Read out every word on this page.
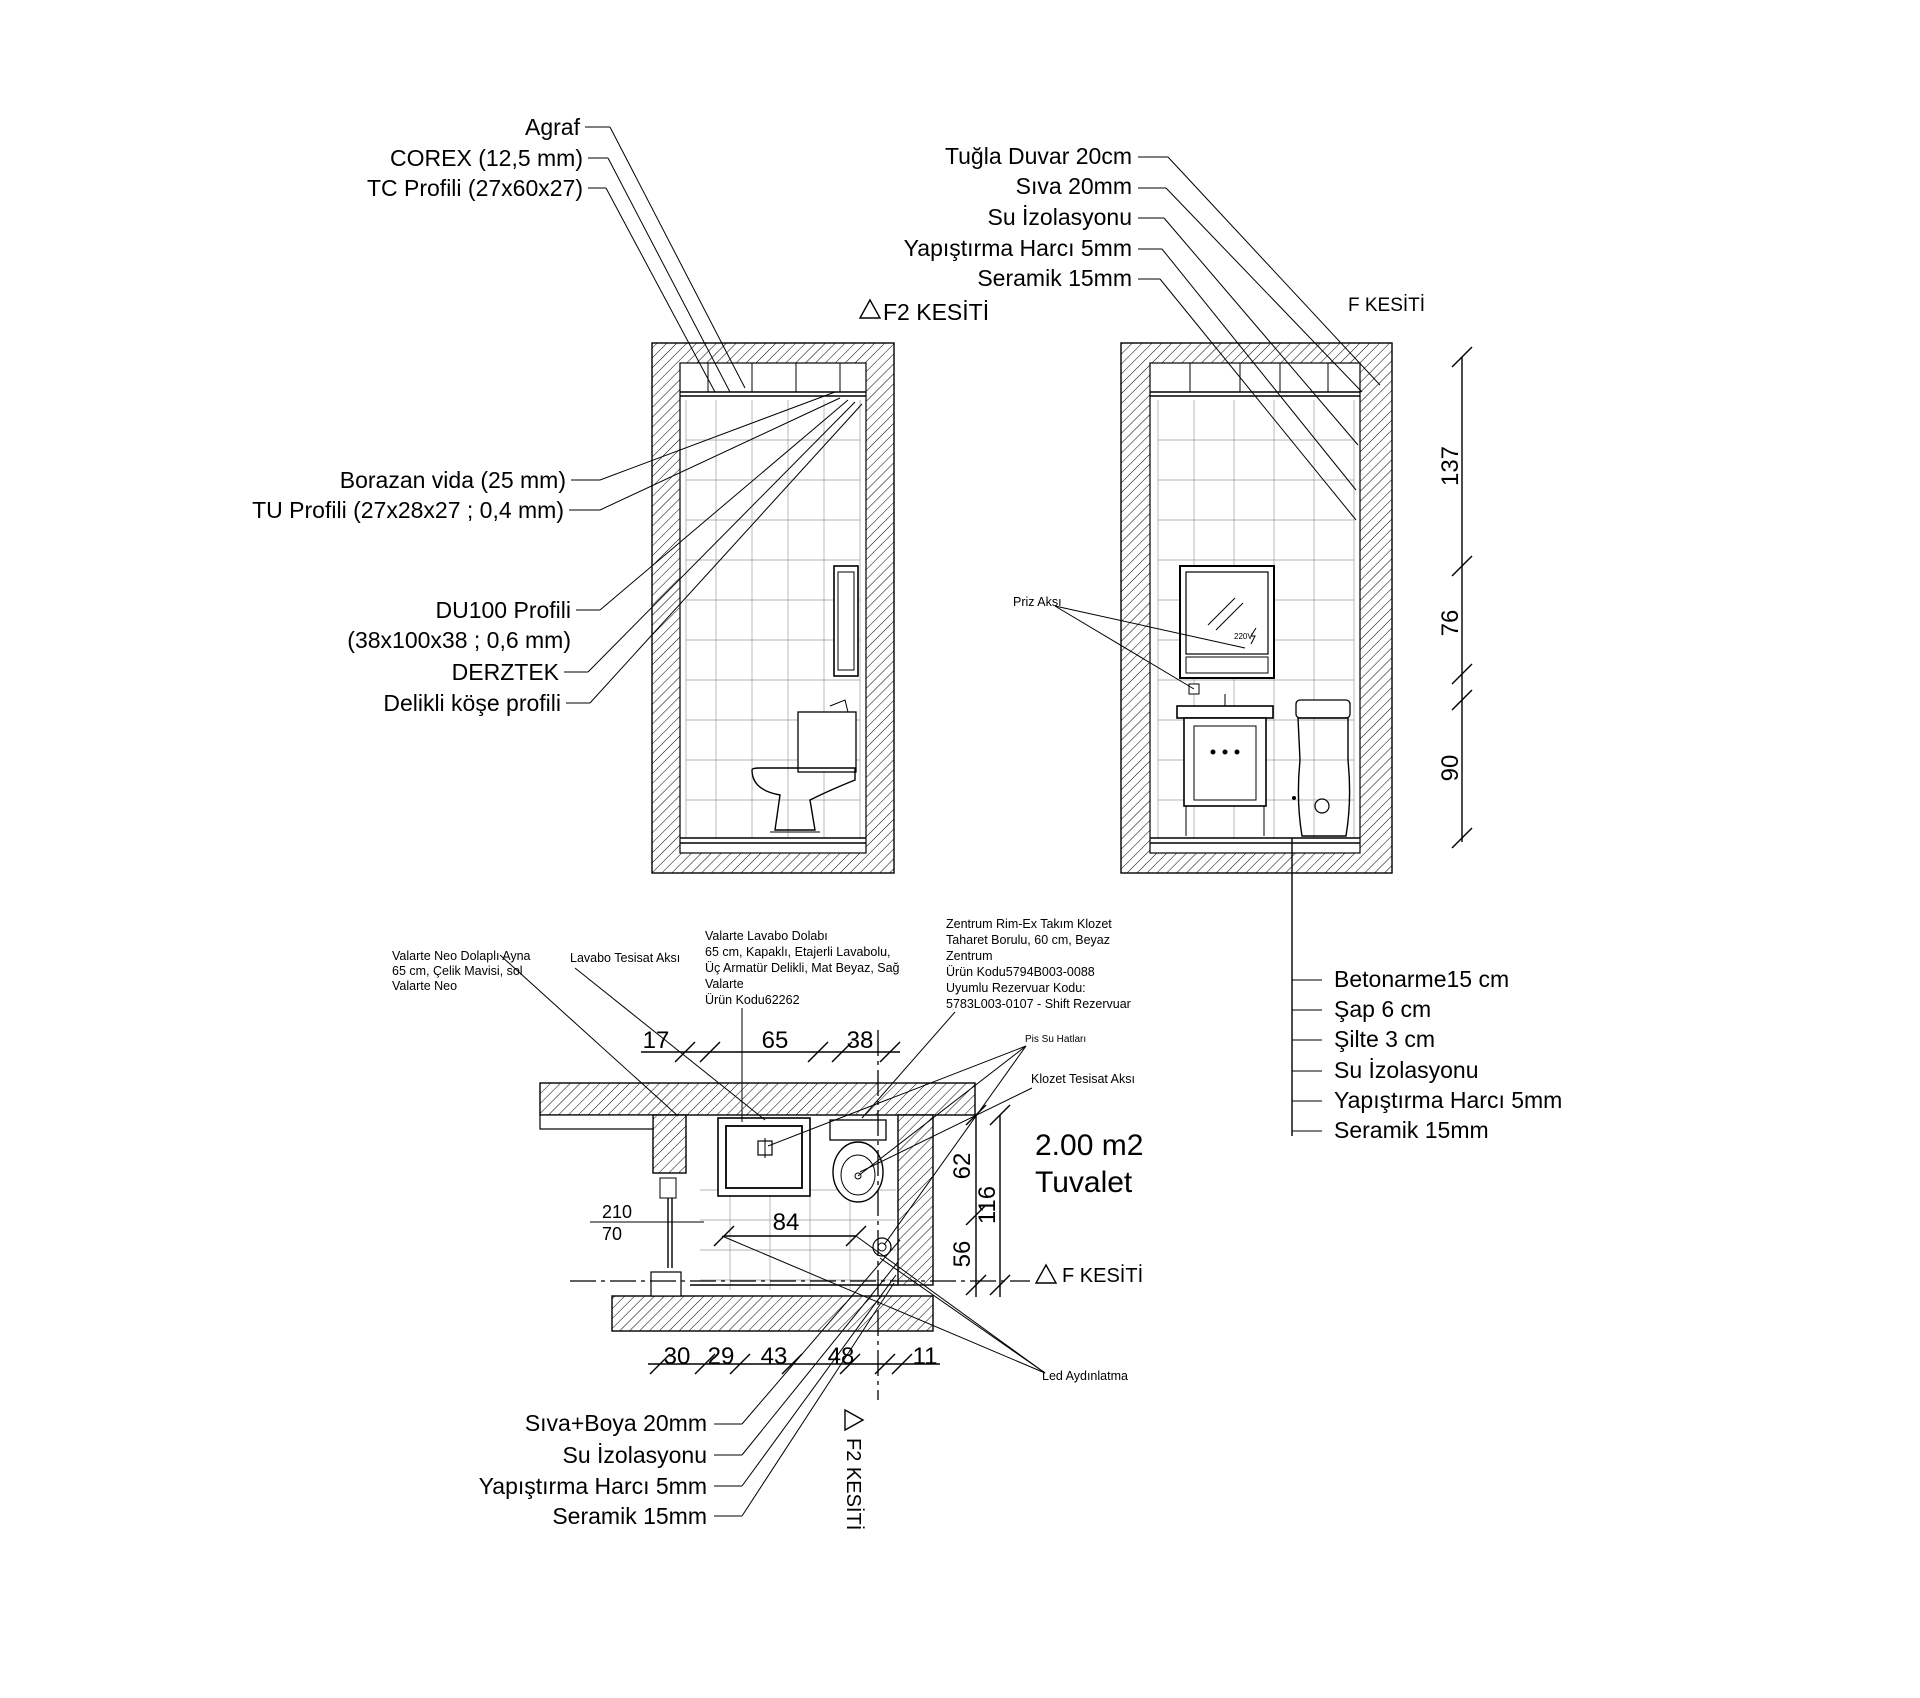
F2 KESİTİ
Agraf
COREX (12,5 mm)
TC Profili (27x60x27)
Borazan vida (25 mm)
TU Profili (27x28x27 ; 0,4 mm)
DU100 Profili
(38x100x38 ; 0,6 mm)
DERZTEK
Delikli köşe profili
220V
F KESİTİ
Priz Aksı
137
76
90
Tuğla Duvar 20cm
Sıva 20mm
Su İzolasyonu
Yapıştırma Harcı 5mm
Seramik 15mm
Betonarme15 cm
Şap 6 cm
Şilte 3 cm
Su İzolasyonu
Yapıştırma Harcı 5mm
Seramik 15mm
17	65 38
84
210
70
62
116
56
30 29 43 48 11
F KESİTİ
F2 KESİTİ
2.00 m2
Tuvalet
Valarte Neo Dolaplı Ayna
65 cm, Çelik Mavisi, sol
Valarte Neo
Lavabo Tesisat Aksı
Valarte Lavabo Dolabı
65 cm, Kapaklı, Etajerli Lavabolu,
Üç Armatür Delikli, Mat Beyaz, Sağ
Valarte
Ürün Kodu62262
Zentrum Rim-Ex Takım Klozet
Taharet Borulu, 60 cm, Beyaz
Zentrum
Ürün Kodu5794B003-0088
Uyumlu Rezervuar Kodu:
5783L003-0107 - Shift Rezervuar
Pis Su Hatları
Klozet Tesisat Aksı
Led Aydınlatma
Sıva+Boya 20mm
Su İzolasyonu
Yapıştırma Harcı 5mm
Seramik 15mm
